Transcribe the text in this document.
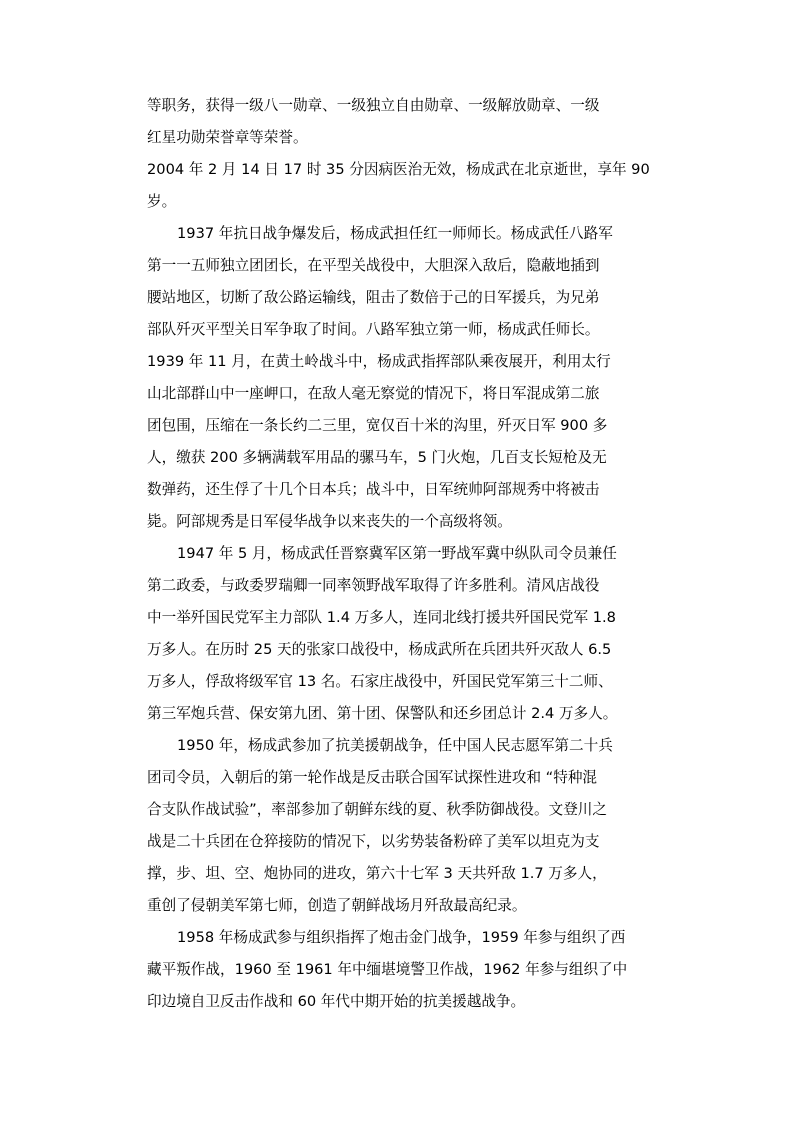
等职务，获得一级八一勋章、一级独立自由勋章、一级解放勋章、一级
红星功勋荣誉章等荣誉。
2004 年 2 月 14 日 17 时 35 分因病医治无效，杨成武在北京逝世，享年 90
岁。
1937 年抗日战争爆发后，杨成武担任红一师师长。杨成武任八路军
第一一五师独立团团长，在平型关战役中，大胆深入敌后，隐蔽地插到
腰站地区，切断了敌公路运输线，阻击了数倍于己的日军援兵，为兄弟
部队歼灭平型关日军争取了时间。八路军独立第一师，杨成武任师长。
1939 年 11 月，在黄土岭战斗中，杨成武指挥部队乘夜展开，利用太行
山北部群山中一座岬口，在敌人毫无察觉的情况下，将日军混成第二旅
团包围，压缩在一条长约二三里，宽仅百十米的沟里，歼灭日军 900 多
人，缴获 200 多辆满载军用品的骡马车，5 门火炮，几百支长短枪及无
数弹药，还生俘了十几个日本兵；战斗中，日军统帅阿部规秀中将被击
毙。阿部规秀是日军侵华战争以来丧失的一个高级将领。
1947 年 5 月，杨成武任晋察冀军区第一野战军冀中纵队司令员兼任
第二政委，与政委罗瑞卿一同率领野战军取得了许多胜利。清风店战役
中一举歼国民党军主力部队 1.4 万多人，连同北线打援共歼国民党军 1.8
万多人。在历时 25 天的张家口战役中，杨成武所在兵团共歼灭敌人 6.5
万多人，俘敌将级军官 13 名。石家庄战役中，歼国民党军第三十二师、
第三军炮兵营、保安第九团、第十团、保警队和还乡团总计 2.4 万多人。
1950 年，杨成武参加了抗美援朝战争，任中国人民志愿军第二十兵
团司令员，入朝后的第一轮作战是反击联合国军试探性进攻和 “特种混
合支队作战试验”，率部参加了朝鲜东线的夏、秋季防御战役。文登川之
战是二十兵团在仓猝接防的情况下，以劣势装备粉碎了美军以坦克为支
撑，步、坦、空、炮协同的进攻，第六十七军 3 天共歼敌 1.7 万多人，
重创了侵朝美军第七师，创造了朝鲜战场月歼敌最高纪录。
1958 年杨成武参与组织指挥了炮击金门战争，1959 年参与组织了西
藏平叛作战，1960 至 1961 年中缅堪境警卫作战，1962 年参与组织了中
印边境自卫反击作战和 60 年代中期开始的抗美援越战争。
